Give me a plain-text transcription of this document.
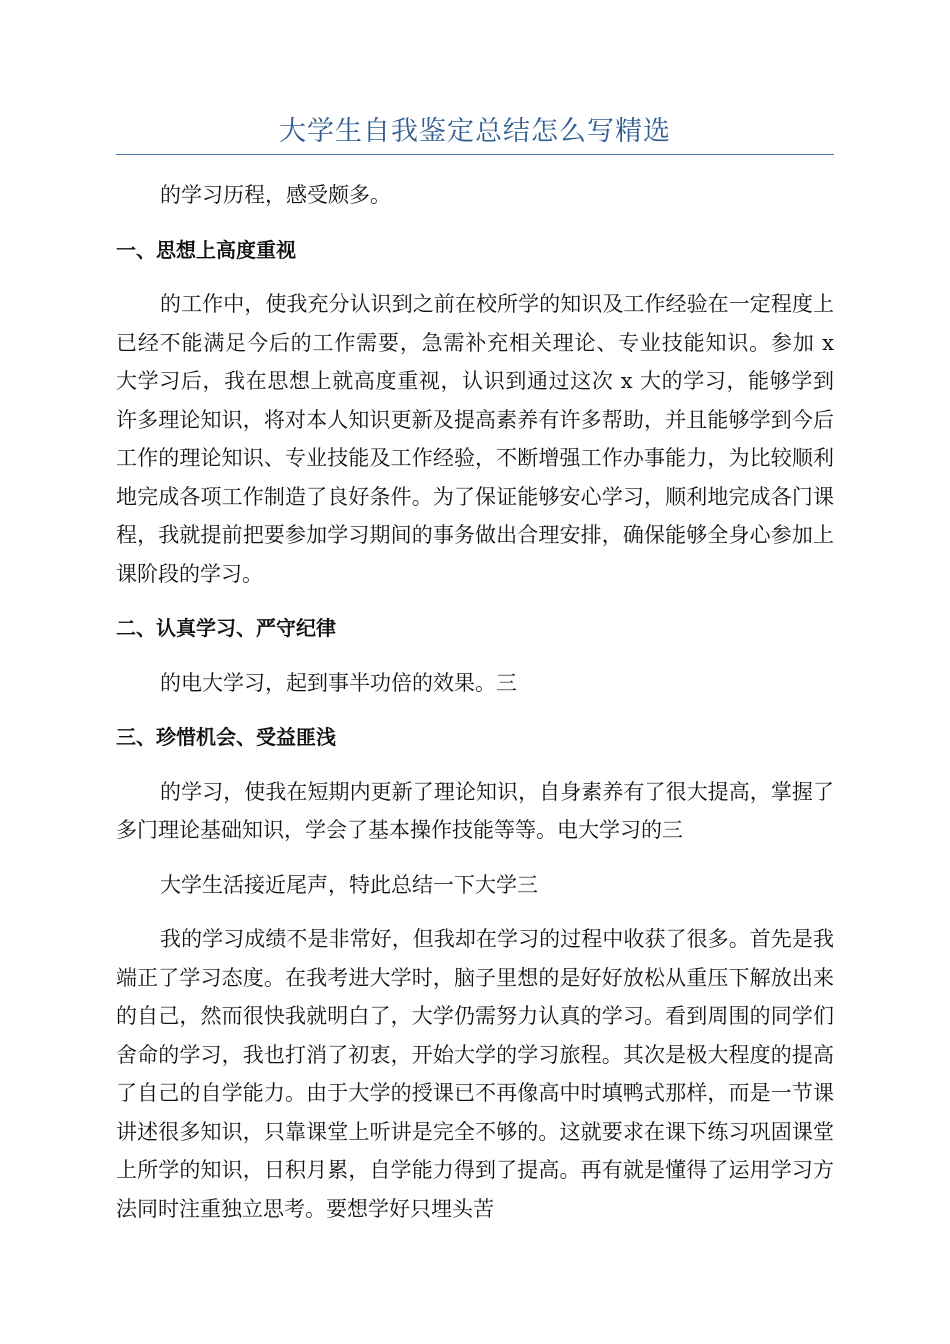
大学生自我鉴定总结怎么写精选

的学习历程，感受颇多。

一、思想上高度重视

的工作中，使我充分认识到之前在校所学的知识及工作经验在一定程度上已经不能满足今后的工作需要，急需补充相关理论、专业技能知识。参加 x 大学习后，我在思想上就高度重视，认识到通过这次 x 大的学习，能够学到许多理论知识，将对本人知识更新及提高素养有许多帮助，并且能够学到今后工作的理论知识、专业技能及工作经验，不断增强工作办事能力，为比较顺利地完成各项工作制造了良好条件。为了保证能够安心学习，顺利地完成各门课程，我就提前把要参加学习期间的事务做出合理安排，确保能够全身心参加上课阶段的学习。

二、认真学习、严守纪律

的电大学习，起到事半功倍的效果。三

三、珍惜机会、受益匪浅

的学习，使我在短期内更新了理论知识，自身素养有了很大提高，掌握了多门理论基础知识，学会了基本操作技能等等。电大学习的三

大学生活接近尾声，特此总结一下大学三

我的学习成绩不是非常好，但我却在学习的过程中收获了很多。首先是我端正了学习态度。在我考进大学时，脑子里想的是好好放松从重压下解放出来的自己，然而很快我就明白了，大学仍需努力认真的学习。看到周围的同学们舍命的学习，我也打消了初衷，开始大学的学习旅程。其次是极大程度的提高了自己的自学能力。由于大学的授课已不再像高中时填鸭式那样，而是一节课讲述很多知识，只靠课堂上听讲是完全不够的。这就要求在课下练习巩固课堂上所学的知识，日积月累，自学能力得到了提高。再有就是懂得了运用学习方法同时注重独立思考。要想学好只埋头苦
